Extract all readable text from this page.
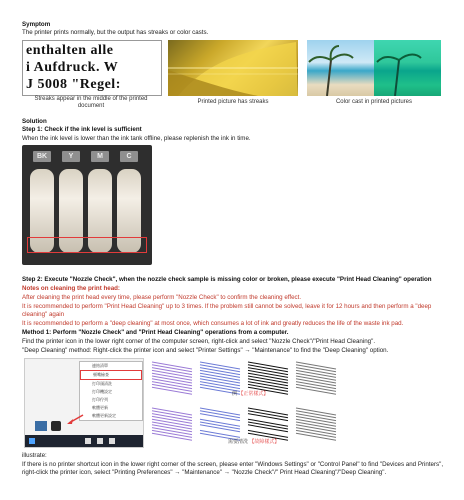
Symptom
The printer prints normally, but the output has streaks or color casts.
enthalten alle
i Aufdruck. W
J 5008 "Regel:
Streaks appear in the middle of the printed document
Printed picture has streaks	Color cast in printed pictures
Solution
Step 1: Check if the ink level is sufficient
When the ink level is lower than the ink tank offline, please replenish the ink in time.
BK	Y	M	C
Step 2: Execute "Nozzle Check", when the nozzle check sample is missing color or broken, please execute "Print Head Cleaning" operation
Notes on cleaning the print head:
After cleaning the print head every time, please perform "Nozzle Check" to confirm the cleaning effect.
It is recommended to perform "Print Head Cleaning" up to 3 times. If the problem still cannot be solved, leave it for 12 hours and then perform a "deep cleaning" again
It is recommended to perform a "deep cleaning" at most once, which consumes a lot of ink and greatly reduces the life of the waste ink pad.
Method 1: Perform "Nozzle Check" and "Print Head Cleaning" operations from a computer.
Find the printer icon in the lower right corner of the computer screen, right-click and select "Nozzle Check"/"Print Head Cleaning".
"Deep Cleaning" method: Right-click the printer icon and select "Printer Settings" → "Maintenance" to find the "Deep Cleaning" option.
連絡清單
頓嘴檢查
打印頭清洗
打印機設定
打印佇列
軟體更新
軟體更新設定
例 【正常樣式】
需要清洗 【故障樣式】
illustrate:
If there is no printer shortcut icon in the lower right corner of the screen, please enter "Windows Settings" or "Control Panel" to find "Devices and Printers", right-click the printer icon, select "Printing Preferences" → "Maintenance" → "Nozzle Check"/" Print Head Cleaning"/"Deep Cleaning".
